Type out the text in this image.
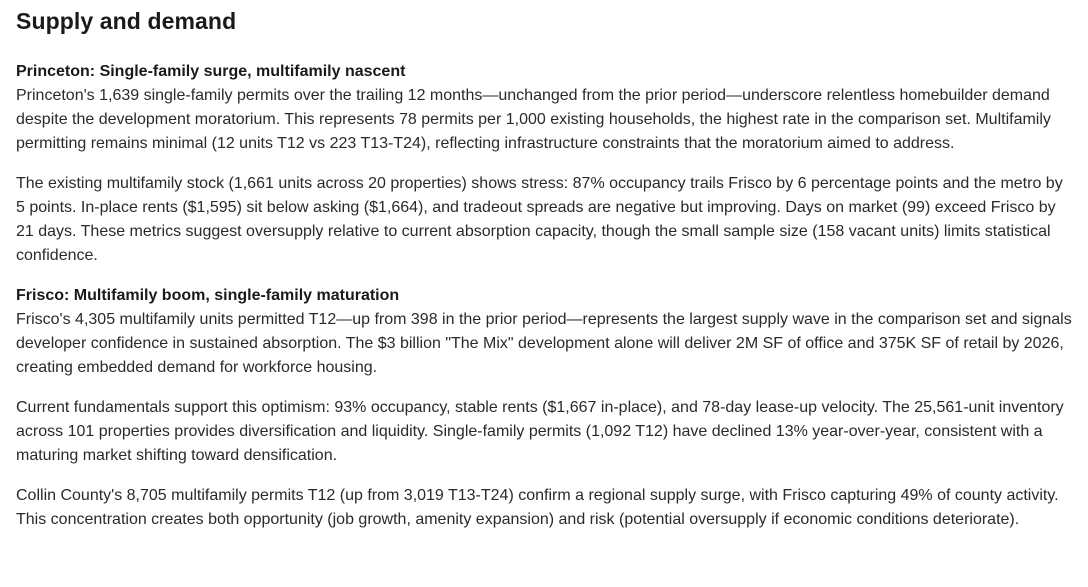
Supply and demand
Princeton: Single-family surge, multifamily nascent

Princeton's 1,639 single-family permits over the trailing 12 months—unchanged from the prior period—underscore relentless homebuilder demand despite the development moratorium. This represents 78 permits per 1,000 existing households, the highest rate in the comparison set. Multifamily permitting remains minimal (12 units T12 vs 223 T13-T24), reflecting infrastructure constraints that the moratorium aimed to address.

The existing multifamily stock (1,661 units across 20 properties) shows stress: 87% occupancy trails Frisco by 6 percentage points and the metro by 5 points. In-place rents ($1,595) sit below asking ($1,664), and tradeout spreads are negative but improving. Days on market (99) exceed Frisco by 21 days. These metrics suggest oversupply relative to current absorption capacity, though the small sample size (158 vacant units) limits statistical confidence.

Frisco: Multifamily boom, single-family maturation

Frisco's 4,305 multifamily units permitted T12—up from 398 in the prior period—represents the largest supply wave in the comparison set and signals developer confidence in sustained absorption. The $3 billion "The Mix" development alone will deliver 2M SF of office and 375K SF of retail by 2026, creating embedded demand for workforce housing.

Current fundamentals support this optimism: 93% occupancy, stable rents ($1,667 in-place), and 78-day lease-up velocity. The 25,561-unit inventory across 101 properties provides diversification and liquidity. Single-family permits (1,092 T12) have declined 13% year-over-year, consistent with a maturing market shifting toward densification.

Collin County's 8,705 multifamily permits T12 (up from 3,019 T13-T24) confirm a regional supply surge, with Frisco capturing 49% of county activity. This concentration creates both opportunity (job growth, amenity expansion) and risk (potential oversupply if economic conditions deteriorate).
